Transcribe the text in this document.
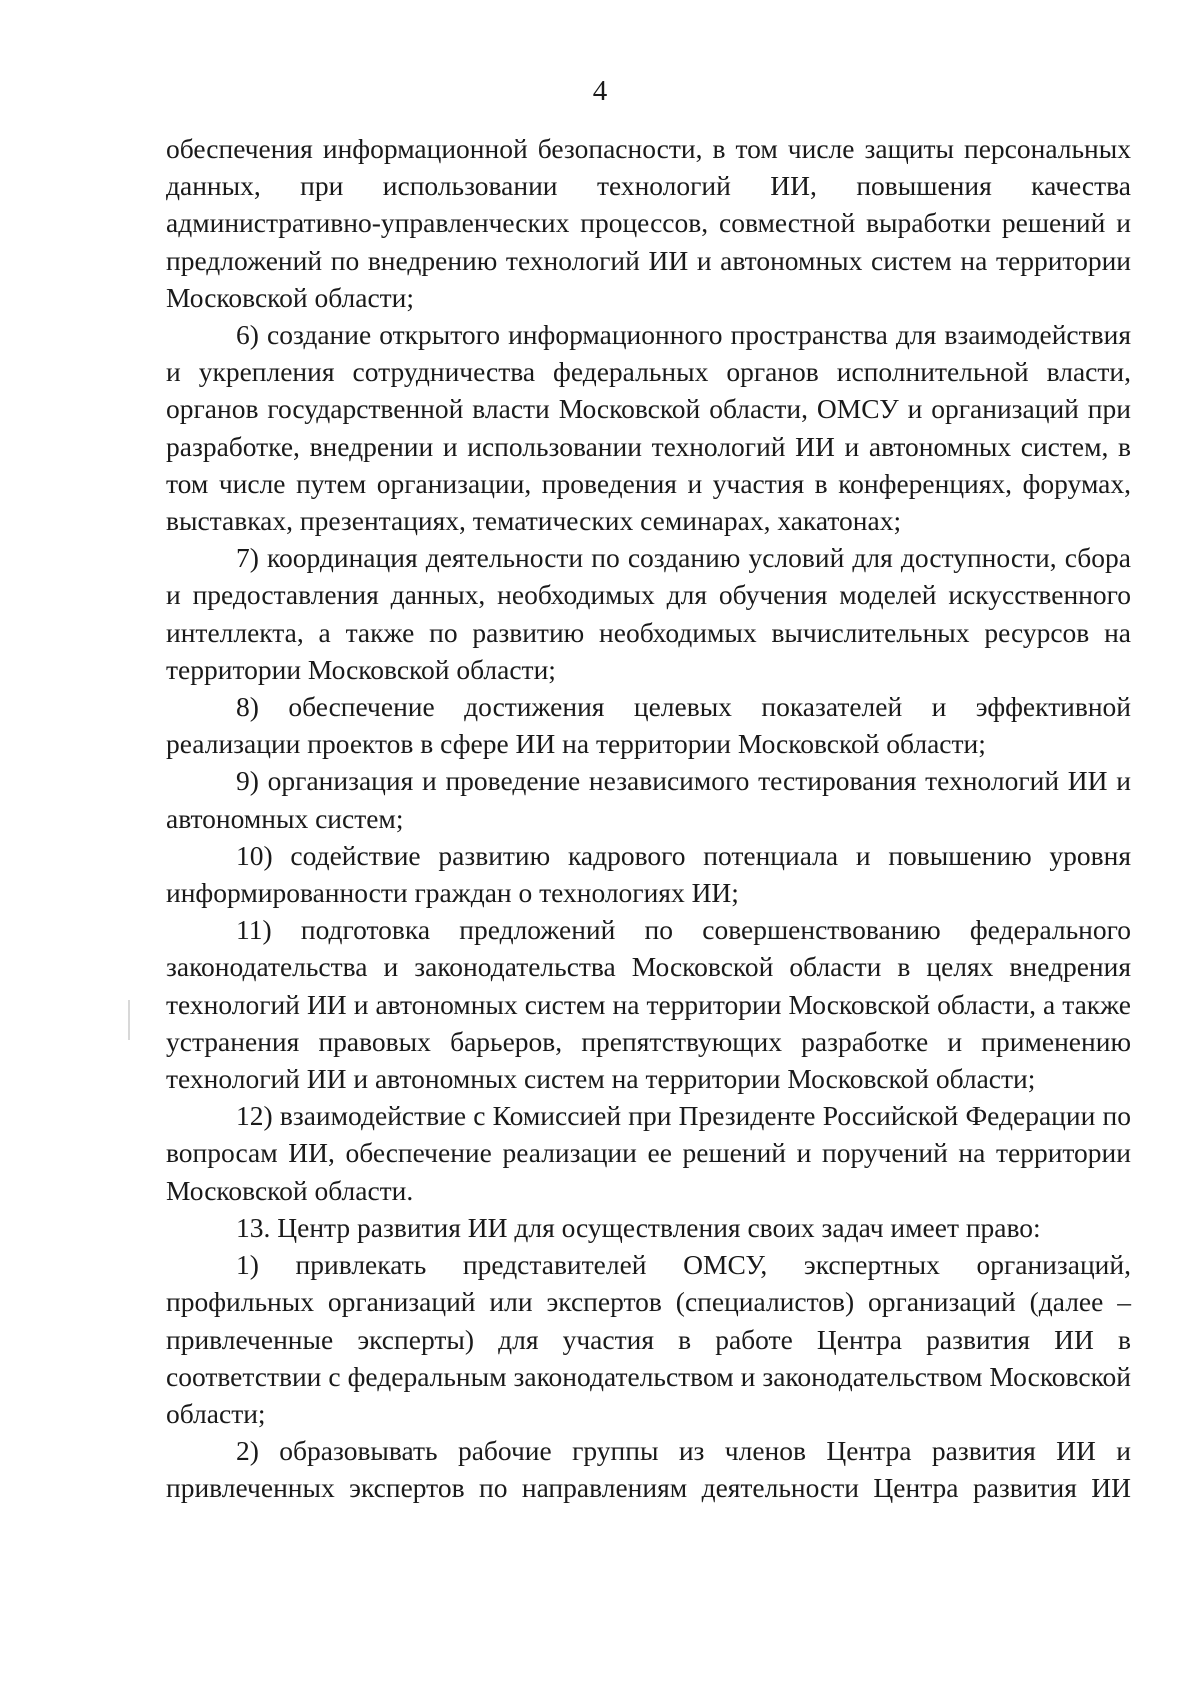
4

обеспечения информационной безопасности, в том числе защиты персональных данных, при использовании технологий ИИ, повышения качества административно-управленческих процессов, совместной выработки решений и предложений по внедрению технологий ИИ и автономных систем на территории Московской области;

6) создание открытого информационного пространства для взаимодействия и укрепления сотрудничества федеральных органов исполнительной власти, органов государственной власти Московской области, ОМСУ и организаций при разработке, внедрении и использовании технологий ИИ и автономных систем, в том числе путем организации, проведения и участия в конференциях, форумах, выставках, презентациях, тематических семинарах, хакатонах;

7) координация деятельности по созданию условий для доступности, сбора и предоставления данных, необходимых для обучения моделей искусственного интеллекта, а также по развитию необходимых вычислительных ресурсов на территории Московской области;

8) обеспечение достижения целевых показателей и эффективной реализации проектов в сфере ИИ на территории Московской области;

9) организация и проведение независимого тестирования технологий ИИ и автономных систем;

10) содействие развитию кадрового потенциала и повышению уровня информированности граждан о технологиях ИИ;

11) подготовка предложений по совершенствованию федерального законодательства и законодательства Московской области в целях внедрения технологий ИИ и автономных систем на территории Московской области, а также устранения правовых барьеров, препятствующих разработке и применению технологий ИИ и автономных систем на территории Московской области;

12) взаимодействие с Комиссией при Президенте Российской Федерации по вопросам ИИ, обеспечение реализации ее решений и поручений на территории Московской области.

13. Центр развития ИИ для осуществления своих задач имеет право:

1) привлекать представителей ОМСУ, экспертных организаций, профильных организаций или экспертов (специалистов) организаций (далее – привлеченные эксперты) для участия в работе Центра развития ИИ в соответствии с федеральным законодательством и законодательством Московской области;

2) образовывать рабочие группы из членов Центра развития ИИ и привлеченных экспертов по направлениям деятельности Центра развития ИИ
